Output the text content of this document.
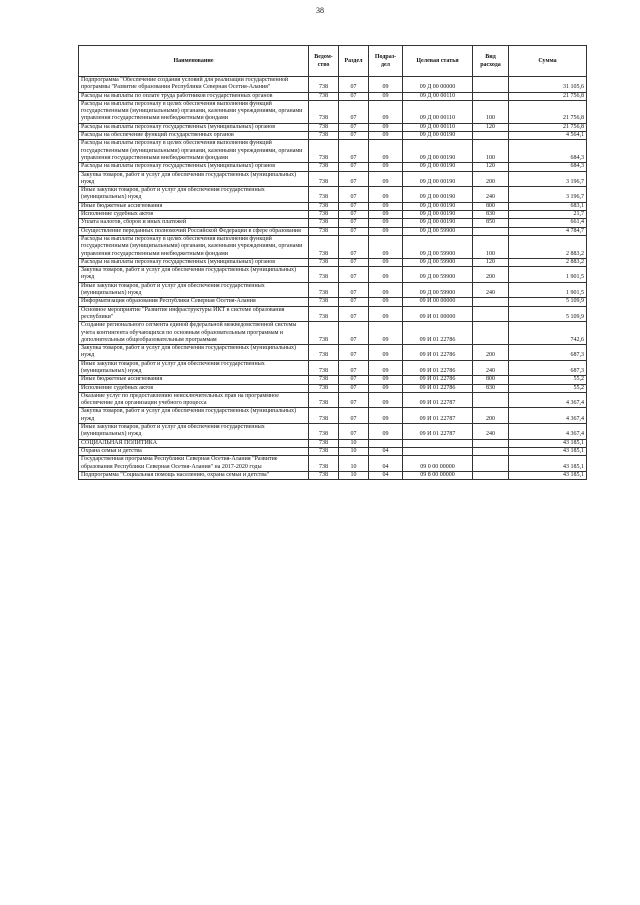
38
Наименование	Ведом-ство	Раздел	Подраз-дел	Целевая статья	Вид расхода	Сумма
Подпрограмма "Обеспечение создания условий для реализации государственной программы "Развитие образования Республики Северная Осетия-Алания"	738	07	09	09 Д 00 00000		31 105,6
Расходы на выплаты по оплате труда работников государственных органов	738	07	09	09 Д 00 00110		21 756,8
Расходы на выплаты персоналу в целях обеспечения выполнения функций государственными (муниципальными) органами, казенными учреждениями, органами управления государственными внебюджетными фондами	738	07	09	09 Д 00 00110	100	21 756,8
Расходы на выплаты персоналу государственных (муниципальных) органов	738	07	09	09 Д 00 00110	120	21 756,8
Расходы на обеспечение функций государственных органов	738	07	09	09 Д 00 00190		4 564,1
Расходы на выплаты персоналу в целях обеспечения выполнения функций государственными (муниципальными) органами, казенными учреждениями, органами управления государственными внебюджетными фондами	738	07	09	09 Д 00 00190	100	684,3
Расходы на выплаты персоналу государственных (муниципальных) органов	738	07	09	09 Д 00 00190	120	684,3
Закупка товаров, работ и услуг для обеспечения государственных (муниципальных) нужд	738	07	09	09 Д 00 00190	200	3 196,7
Иные закупки товаров, работ и услуг для обеспечения государственных (муниципальных) нужд	738	07	09	09 Д 00 00190	240	3 196,7
Иные бюджетные ассигнования	738	07	09	09 Д 00 00190	800	683,1
Исполнение судебных актов	738	07	09	09 Д 00 00190	830	21,7
Уплата налогов, сборов и иных платежей	738	07	09	09 Д 00 00190	850	661,4
Осуществление переданных полномочий Российской Федерации в сфере образования	738	07	09	09 Д 00 59900		4 784,7
Расходы на выплаты персоналу в целях обеспечения выполнения функций государственными (муниципальными) органами, казенными учреждениями, органами управления государственными внебюджетными фондами	738	07	09	09 Д 00 59900	100	2 883,2
Расходы на выплаты персоналу государственных (муниципальных) органов	738	07	09	09 Д 00 59900	120	2 883,2
Закупка товаров, работ и услуг для обеспечения государственных (муниципальных) нужд	738	07	09	09 Д 00 59900	200	1 901,5
Иные закупки товаров, работ и услуг для обеспечения государственных (муниципальных) нужд	738	07	09	09 Д 00 59900	240	1 901,5
Информатизация образования Республики Северная Осетия-Алания	738	07	09	09 И 00 00000		5 109,9
Основное мероприятие "Развитие инфраструктуры ИКТ в системе образования республики"	738	07	09	09 И 01 00000		5 109,9
Создание регионального сегмента единой федеральной межведомственной системы учета контингента обучающихся по основным образовательным программам и дополнительным общеобразовательным программам	738	07	09	09 И 01 22786		742,6
Закупка товаров, работ и услуг для обеспечения государственных (муниципальных) нужд	738	07	09	09 И 01 22786	200	687,3
Иные закупки товаров, работ и услуг для обеспечения государственных (муниципальных) нужд	738	07	09	09 И 01 22786	240	687,3
Иные бюджетные ассигнования	738	07	09	09 И 01 22786	800	55,2
Исполнение судебных актов	738	07	09	09 И 01 22786	830	55,2
Оказание услуг по предоставлению неисключительных прав на программное обеспечение для организации учебного процесса	738	07	09	09 И 01 22787		4 367,4
Закупка товаров, работ и услуг для обеспечения государственных (муниципальных) нужд	738	07	09	09 И 01 22787	200	4 367,4
Иные закупки товаров, работ и услуг для обеспечения государственных (муниципальных) нужд	738	07	09	09 И 01 22787	240	4 367,4
СОЦИАЛЬНАЯ ПОЛИТИКА	738	10				43 185,1
Охрана семьи и детства	738	10	04			43 185,1
Государственная программа Республики Северная Осетия-Алания "Развитие образования Республики Северная Осетия-Алания" на 2017-2020 годы	738	10	04	09 0 00 00000		43 185,1
Подпрограмма "Социальная помощь населению, охрана семьи и детства"	738	10	04	09 8 00 00000		43 185,1
